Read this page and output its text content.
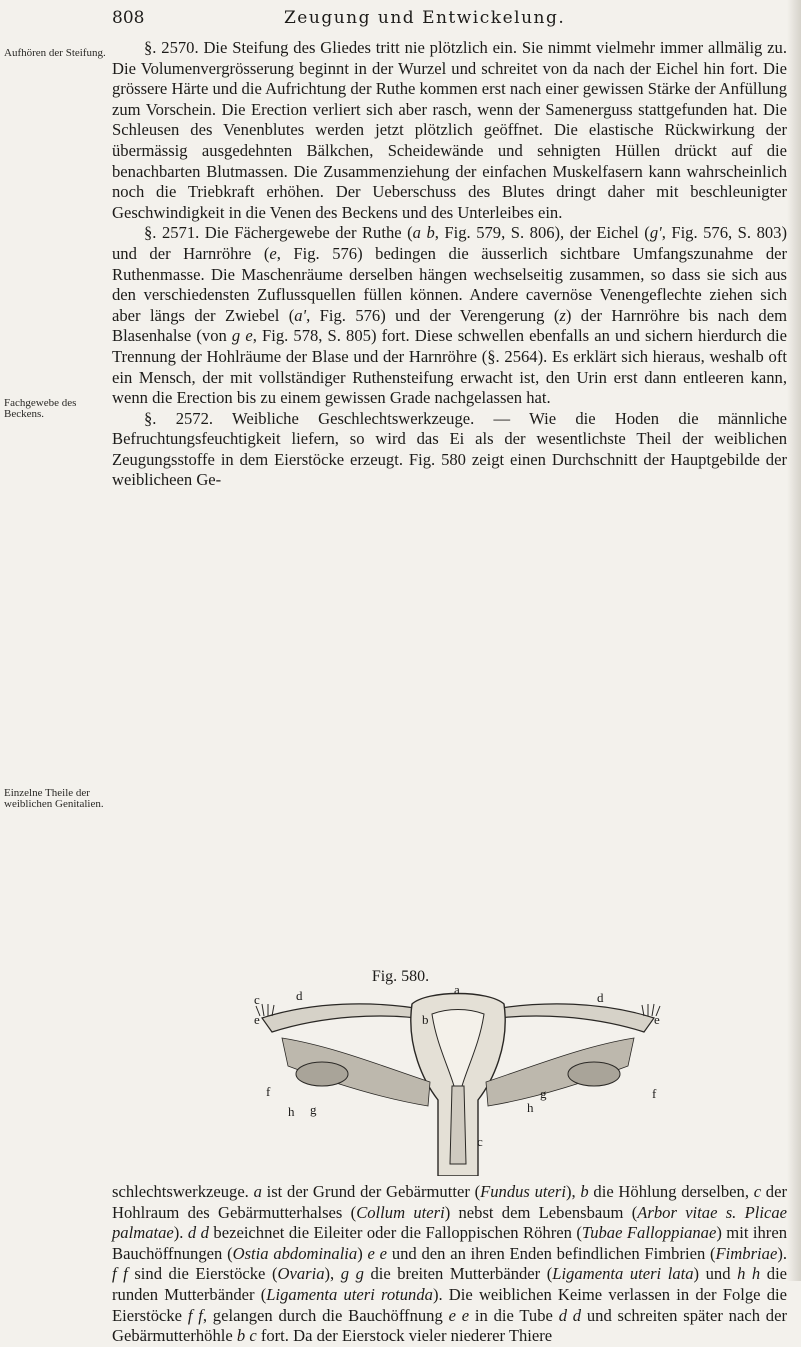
808	Zeugung und Entwickelung.
Aufhören der Steifung.
Fachgewebe des Beckens.
Einzelne Theile der weiblichen Genitalien.

§. 2570. Die Steifung des Gliedes tritt nie plötzlich ein. Sie nimmt vielmehr immer allmälig zu. Die Volumenvergrösserung beginnt in der Wurzel und schreitet von da nach der Eichel hin fort. Die grössere Härte und die Aufrichtung der Ruthe kommen erst nach einer gewissen Stärke der Anfüllung zum Vorschein. Die Erection verliert sich aber rasch, wenn der Samenerguss stattgefunden hat. Die Schleusen des Venenblutes werden jetzt plötzlich geöffnet. Die elastische Rückwirkung der übermässig ausgedehnten Bälkchen, Scheidewände und sehnigten Hüllen drückt auf die benachbarten Blutmassen. Die Zusammenziehung der einfachen Muskelfasern kann wahrscheinlich noch die Triebkraft erhöhen. Der Ueberschuss des Blutes dringt daher mit beschleunigter Geschwindigkeit in die Venen des Beckens und des Unterleibes ein.

§. 2571. Die Fächergewebe der Ruthe (a b, Fig. 579, S. 806), der Eichel (g', Fig. 576, S. 803) und der Harnröhre (e, Fig. 576) bedingen die äusserlich sichtbare Umfangszunahme der Ruthenmasse. Die Maschenräume derselben hängen wechselseitig zusammen, so dass sie sich aus den verschiedensten Zuflussquellen füllen können. Andere cavernöse Venengeflechte ziehen sich aber längs der Zwiebel (a', Fig. 576) und der Verengerung (z) der Harnröhre bis nach dem Blasenhalse (von g e, Fig. 578, S. 805) fort. Diese schwellen ebenfalls an und sichern hierdurch die Trennung der Hohlräume der Blase und der Harnröhre (§. 2564). Es erklärt sich hieraus, weshalb oft ein Mensch, der mit vollständiger Ruthensteifung erwacht ist, den Urin erst dann entleeren kann, wenn die Erection bis zu einem gewissen Grade nachgelassen hat.

§. 2572. Weibliche Geschlechtswerkzeuge. — Wie die Hoden die männliche Befruchtungsfeuchtigkeit liefern, so wird das Ei als der wesentlichste Theil der weiblichen Zeugungsstoffe in dem Eierstöcke erzeugt. Fig. 580 zeigt einen Durchschnitt der Hauptgebilde der weiblicheen Ge-

Fig. 580.
a
b
c
c
d	d
e	e
f	f
g
g
h	h

schlechtswerkzeuge. a ist der Grund der Gebärmutter (Fundus uteri), b die Höhlung derselben, c der Hohlraum des Gebärmutterhalses (Collum uteri) nebst dem Lebensbaum (Arbor vitae s. Plicae palmatae). d d bezeichnet die Eileiter oder die Falloppischen Röhren (Tubae Falloppianae) mit ihren Bauchöffnungen (Ostia abdominalia) e e und den an ihren Enden befindlichen Fimbrien (Fimbriae). f f sind die Eierstöcke (Ovaria), g g die breiten Mutterbänder (Ligamenta uteri lata) und h h die runden Mutterbänder (Ligamenta uteri rotunda). Die weiblichen Keime verlassen in der Folge die Eierstöcke f f, gelangen durch die Bauchöffnung e e in die Tube d d und schreiten später nach der Gebärmutterhöhle b c fort. Da der Eierstock vieler niederer Thiere
